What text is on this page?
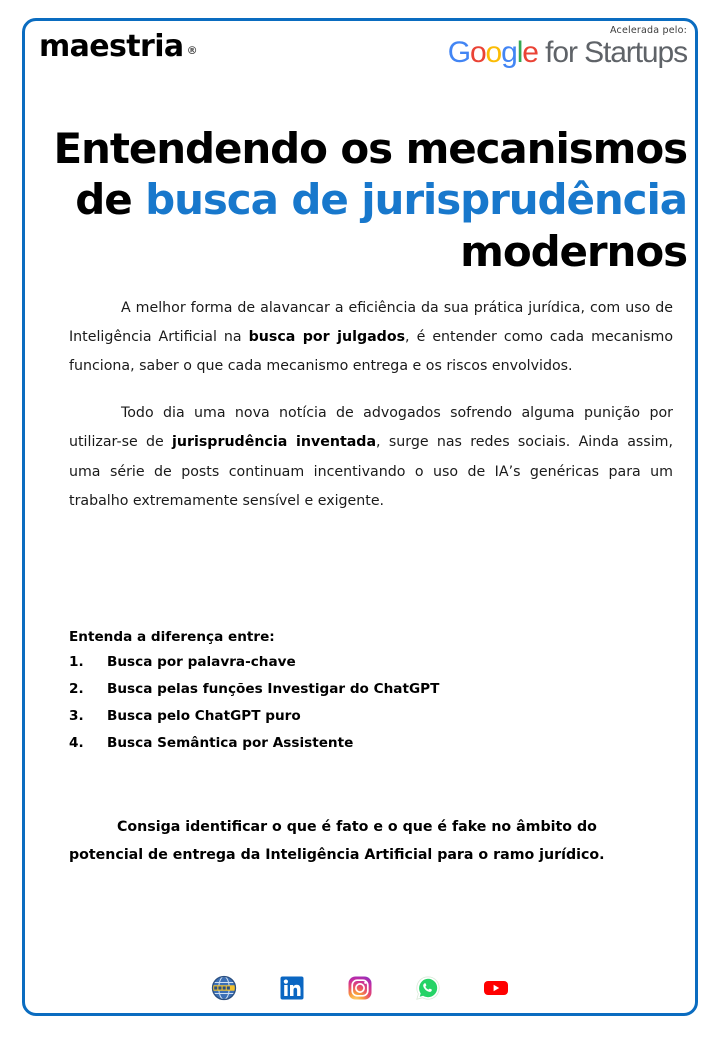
maestria ®
Acelerada pelo:
Google for Startups
Entendendo os mecanismos de busca de jurisprudência modernos

A melhor forma de alavancar a eficiência da sua prática jurídica, com uso de Inteligência Artificial na busca por julgados, é entender como cada mecanismo funciona, saber o que cada mecanismo entrega e os riscos envolvidos.

Todo dia uma nova notícia de advogados sofrendo alguma punição por utilizar-se de jurisprudência inventada, surge nas redes sociais. Ainda assim, uma série de posts continuam incentivando o uso de IA’s genéricas para um trabalho extremamente sensível e exigente.

Entenda a diferença entre:
1.	Busca por palavra-chave
2.	Busca pelas funções Investigar do ChatGPT
3.	Busca pelo ChatGPT puro
4.	Busca Semântica por Assistente

Consiga identificar o que é fato e o que é fake no âmbito do potencial de entrega da Inteligência Artificial para o ramo jurídico.
